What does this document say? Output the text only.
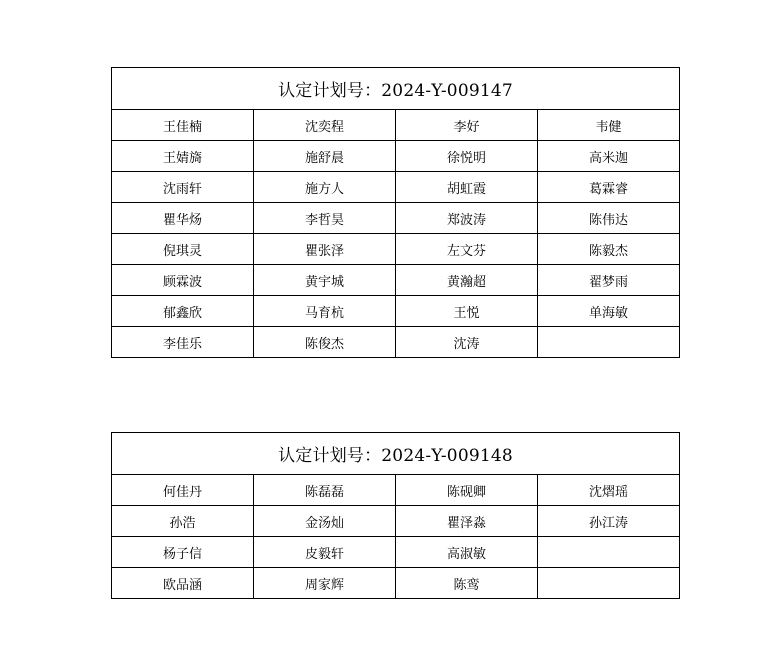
认定计划号：2024-Y-009147			
王佳楠	沈奕程	李好	韦健
王婧旖	施舒晨	徐悦明	高米迦
沈雨轩	施方人	胡虹霞	葛霖睿
瞿华炀	李哲昊	郑波涛	陈伟达
倪琪灵	瞿张泽	左文芬	陈毅杰
顾霖波	黄宇城	黄瀚超	翟梦雨
郁鑫欣	马育杭	王悦	单海敏
李佳乐	陈俊杰	沈涛	
认定计划号：2024-Y-009148			
何佳丹	陈磊磊	陈砚卿	沈熠瑶
孙浩	金汤灿	瞿泽淼	孙江涛
杨子信	皮毅轩	高淑敏	
欧品涵	周家辉	陈鸾	
